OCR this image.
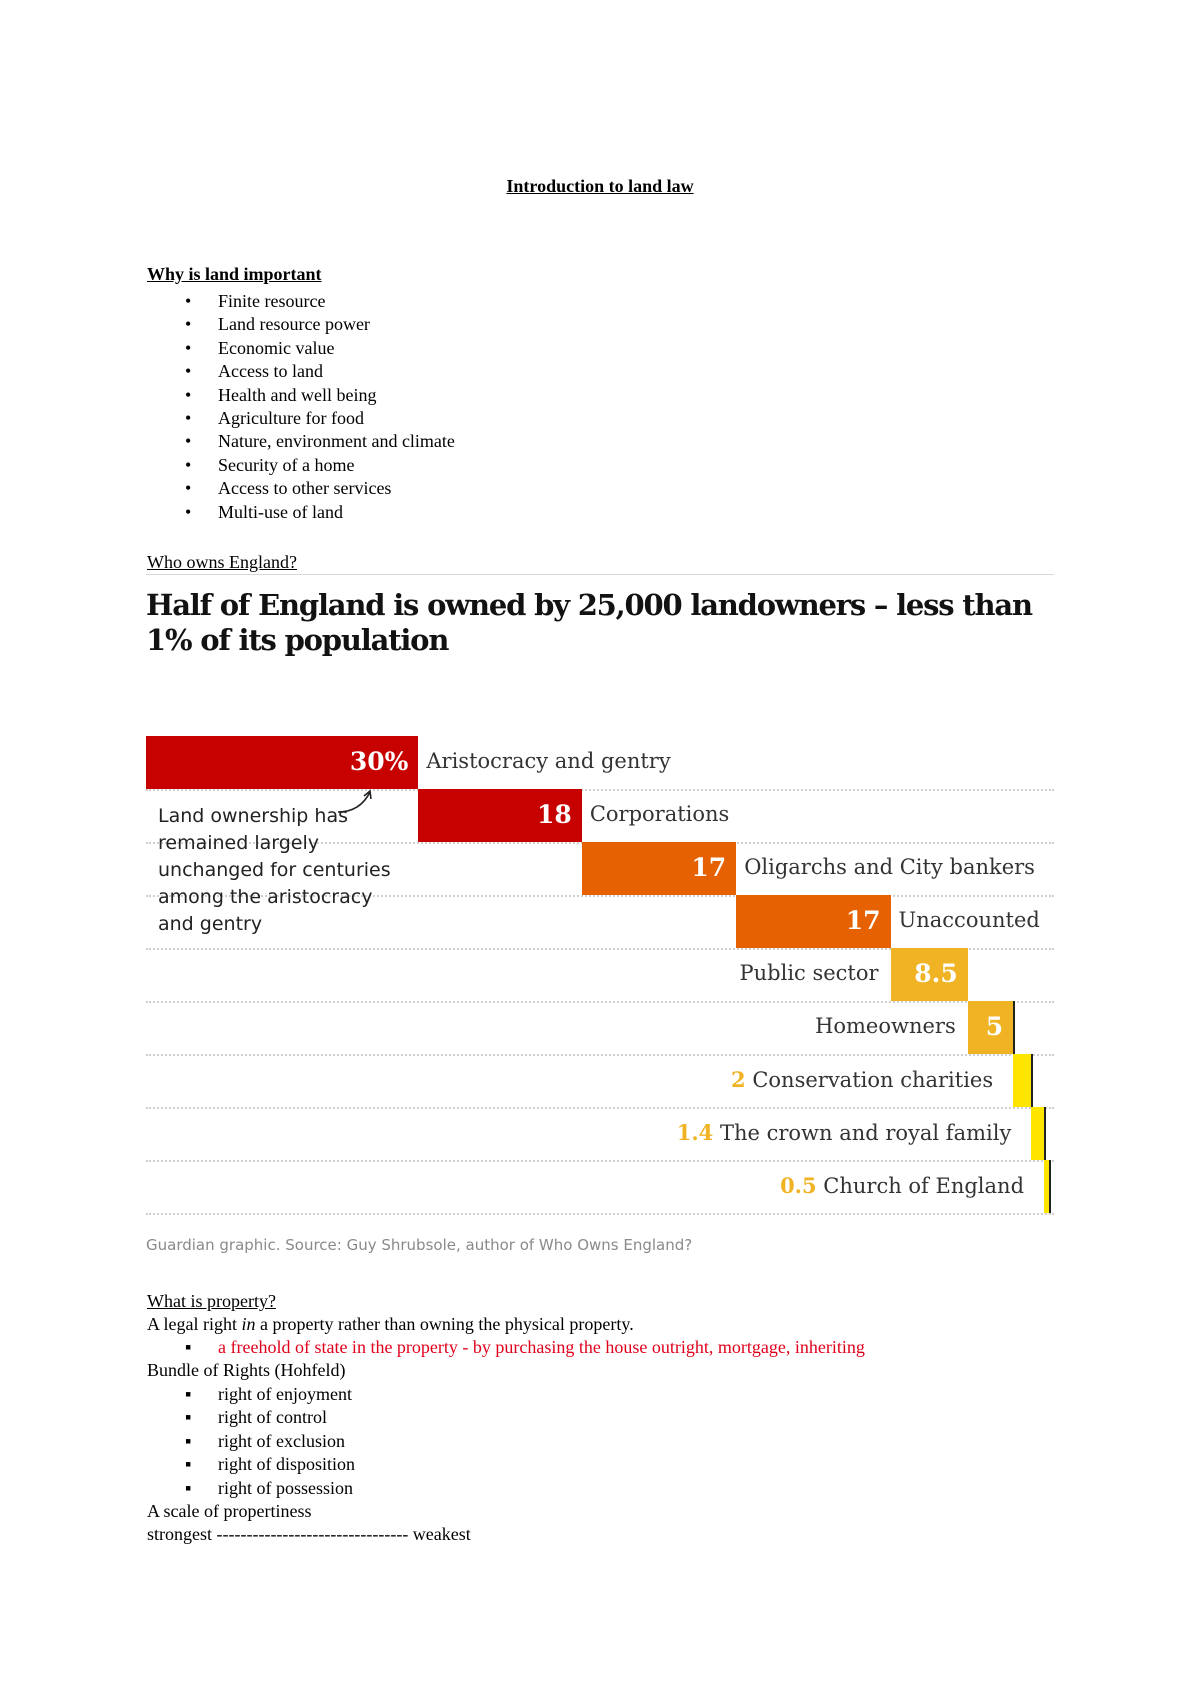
Introduction to land law
Why is land important
• Finite resource
• Land resource power
• Economic value
• Access to land
• Health and well being
• Agriculture for food
• Nature, environment and climate
• Security of a home
• Access to other services
• Multi-use of land
Who owns England?
Half of England is owned by 25,000 landowners – less than 1% of its population
30% Aristocracy and gentry
18 Corporations
17 Oligarchs and City bankers
17 Unaccounted
8.5
Public sector
5
Homeowners
2 Conservation charities
1.4 The crown and royal family
0.5 Church of England
Land ownership has remained largely unchanged for centuries among the aristocracy and gentry
Guardian graphic. Source: Guy Shrubsole, author of Who Owns England?
What is property?
A legal right in a property rather than owning the physical property.
▪ a freehold of state in the property - by purchasing the house outright, mortgage, inheriting
Bundle of Rights (Hohfeld)
▪ right of enjoyment
▪ right of control
▪ right of exclusion
▪ right of disposition
▪ right of possession
A scale of propertiness
strongest -------------------------------- weakest
